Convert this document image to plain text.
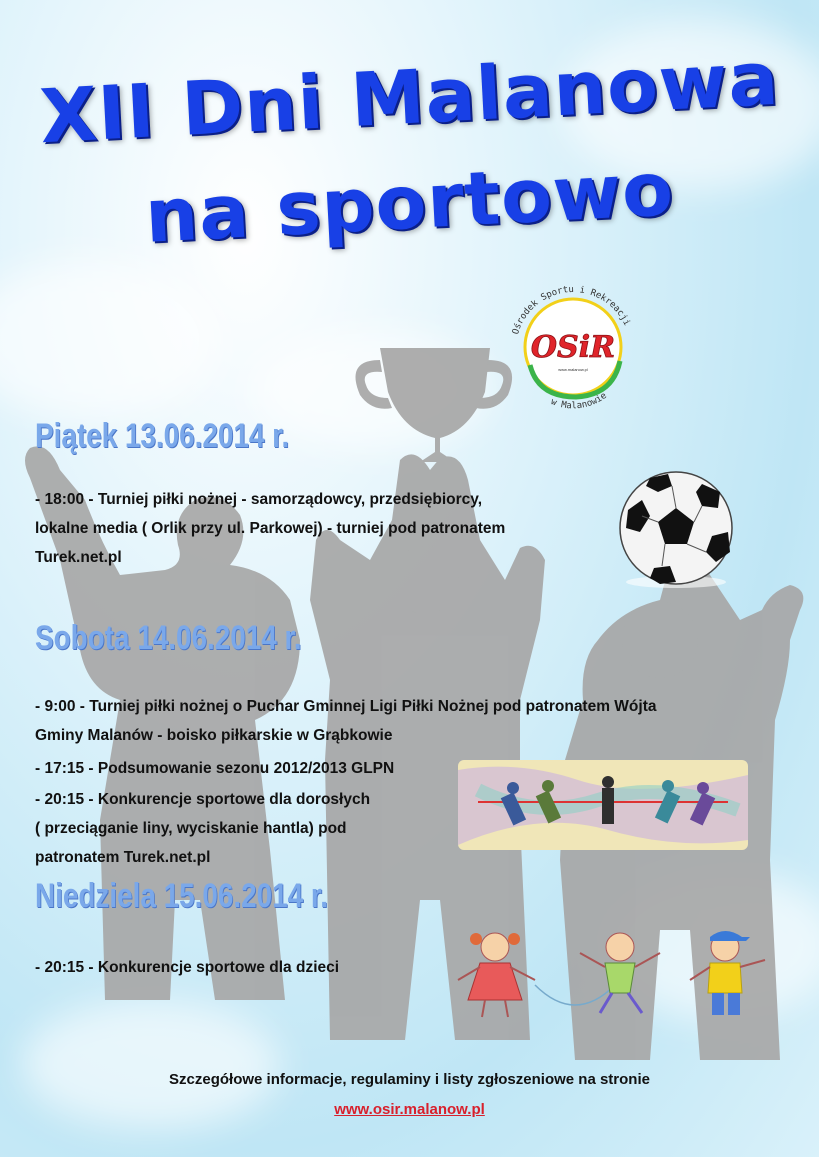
XII Dni Malanowa
na sportowo
Ośrodek Sportu i Rekreacji
w Malanowie
OSiR
www.malanow.pl
Piątek 13.06.2014 r.
- 18:00 - Turniej piłki nożnej - samorządowcy, przedsiębiorcy,
lokalne media ( Orlik przy ul. Parkowej) - turniej pod patronatem
Turek.net.pl
Sobota 14.06.2014 r.
- 9:00 - Turniej piłki nożnej o Puchar Gminnej Ligi Piłki Nożnej pod patronatem Wójta
Gminy Malanów - boisko piłkarskie w Grąbkowie
- 17:15 - Podsumowanie sezonu 2012/2013 GLPN
- 20:15 - Konkurencje sportowe dla dorosłych
( przeciąganie liny, wyciskanie hantla) pod
patronatem Turek.net.pl
Niedziela 15.06.2014 r.
- 20:15 - Konkurencje sportowe dla dzieci
Szczegółowe informacje, regulaminy i listy zgłoszeniowe na stronie
www.osir.malanow.pl
